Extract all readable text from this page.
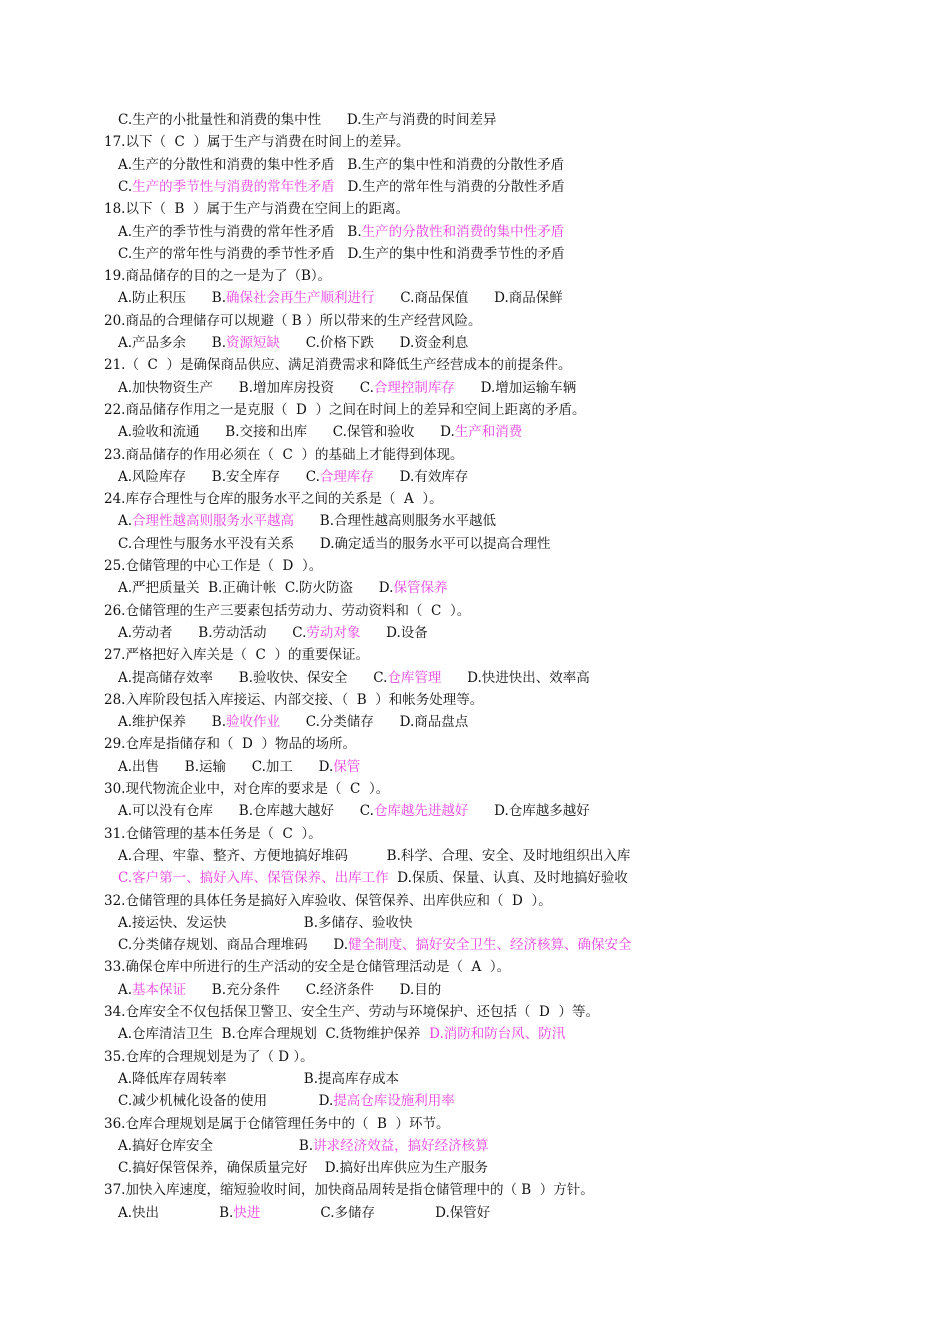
C.生产的小批量性和消费的集中性      D.生产与消费的时间差异
17.以下（  C  ）属于生产与消费在时间上的差异。
A.生产的分散性和消费的集中性矛盾   B.生产的集中性和消费的分散性矛盾
C.生产的季节性与消费的常年性矛盾   D.生产的常年性与消费的分散性矛盾
18.以下（  B  ）属于生产与消费在空间上的距离。
A.生产的季节性与消费的常年性矛盾   B.生产的分散性和消费的集中性矛盾
C.生产的常年性与消费的季节性矛盾   D.生产的集中性和消费季节性的矛盾
19.商品储存的目的之一是为了（B）。
A.防止积压      B.确保社会再生产顺利进行      C.商品保值      D.商品保鲜
20.商品的合理储存可以规避（ B ）所以带来的生产经营风险。
A.产品多余      B.资源短缺      C.价格下跌      D.资金利息
21.（  C  ）是确保商品供应、满足消费需求和降低生产经营成本的前提条件。
A.加快物资生产      B.增加库房投资      C.合理控制库存      D.增加运输车辆
22.商品储存作用之一是克服（  D  ）之间在时间上的差异和空间上距离的矛盾。
A.验收和流通      B.交接和出库      C.保管和验收      D.生产和消费
23.商品储存的作用必须在（  C  ）的基础上才能得到体现。
A.风险库存      B.安全库存      C.合理库存      D.有效库存
24.库存合理性与仓库的服务水平之间的关系是（  A  ）。
A.合理性越高则服务水平越高      B.合理性越高则服务水平越低
C.合理性与服务水平没有关系      D.确定适当的服务水平可以提高合理性
25.仓储管理的中心工作是（  D  ）。
A.严把质量关  B.正确计帐  C.防火防盗      D.保管保养
26.仓储管理的生产三要素包括劳动力、劳动资料和（  C  ）。
A.劳动者      B.劳动活动      C.劳动对象      D.设备
27.严格把好入库关是（  C  ）的重要保证。
A.提高储存效率      B.验收快、保安全      C.仓库管理      D.快进快出、效率高
28.入库阶段包括入库接运、内部交接、（  B  ）和帐务处理等。
A.维护保养      B.验收作业      C.分类储存      D.商品盘点
29.仓库是指储存和（  D  ）物品的场所。
A.出售      B.运输      C.加工      D.保管
30.现代物流企业中，对仓库的要求是（  C  ）。
A.可以没有仓库      B.仓库越大越好      C.仓库越先进越好      D.仓库越多越好
31.仓储管理的基本任务是（  C  ）。
A.合理、牢靠、整齐、方便地搞好堆码         B.科学、合理、安全、及时地组织出入库
C.客户第一、搞好入库、保管保养、出库工作  D.保质、保量、认真、及时地搞好验收
32.仓储管理的具体任务是搞好入库验收、保管保养、出库供应和（  D  ）。
A.接运快、发运快                  B.多储存、验收快
C.分类储存规划、商品合理堆码      D.健全制度、搞好安全卫生、经济核算、确保安全
33.确保仓库中所进行的生产活动的安全是仓储管理活动是（  A  ）。
A.基本保证      B.充分条件      C.经济条件      D.目的
34.仓库安全不仅包括保卫警卫、安全生产、劳动与环境保护、还包括（  D  ）等。
A.仓库清洁卫生  B.仓库合理规划  C.货物维护保养  D.消防和防台风、防汛
35.仓库的合理规划是为了（ D ）。
A.降低库存周转率                  B.提高库存成本
C.减少机械化设备的使用            D.提高仓库设施利用率
36.仓库合理规划是属于仓储管理任务中的（  B  ）环节。
A.搞好仓库安全                    B.讲求经济效益，搞好经济核算
C.搞好保管保养，确保质量完好    D.搞好出库供应为生产服务
37.加快入库速度，缩短验收时间，加快商品周转是指仓储管理中的（ B  ）方针。
A.快出              B.快进              C.多储存              D.保管好
